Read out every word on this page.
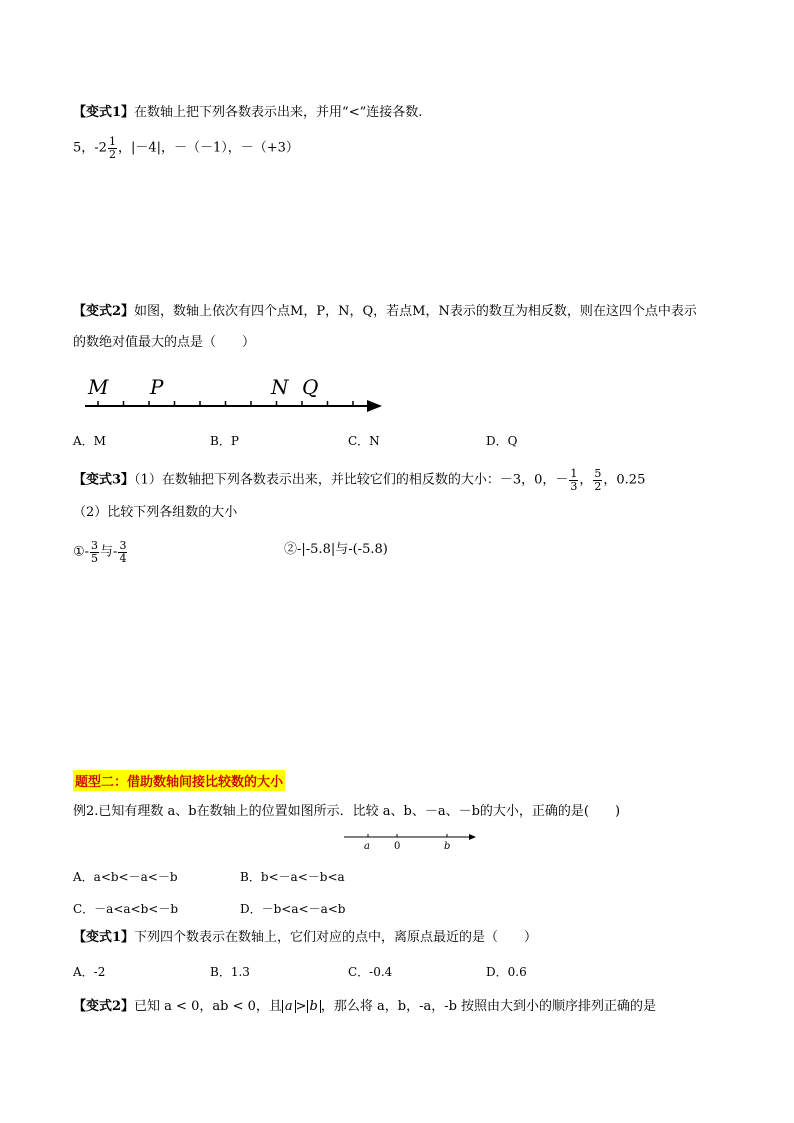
【变式1】在数轴上把下列各数表示出来，并用“<”连接各数.
5，$-2 \frac{1}{2}$ ，|－4|，－（－1），－（+3）
【变式2】如图，数轴上依次有四个点M，P，N，Q，若点M，N表示的数互为相反数，则在这四个点中表示
的数绝对值最大的点是（　　）
M P	N Q
A．M	B．P	C．N	D．Q
【变式3】（1）在数轴把下列各数表示出来，并比较它们的相反数的大小：－3，0，－ $\frac{1}{3}$ ， $\frac{5}{2}$ ，0.25
（2）比较下列各组数的大小
①- $\frac{3}{5}$ 与- $\frac{3}{4}$	②-|-5.8|与-(-5.8)
题型二：借助数轴间接比较数的大小
例2.已知有理数 a、b在数轴上的位置如图所示．比较 a、b、－a、－b的大小，正确的是(　　)
a 0	b
A．a<b<－a<－b	B．b<－a<－b<a
C．－a<a<b<－b	D．－b<a<－a<b
【变式1】下列四个数表示在数轴上，它们对应的点中，离原点最近的是（　　）
A．-2	B．1.3	C．-0.4	D．0.6
【变式2】已知 a < 0，ab < 0，且 a > b ，那么将 a，b，-a，-b 按照由大到小的顺序排列正确的是
